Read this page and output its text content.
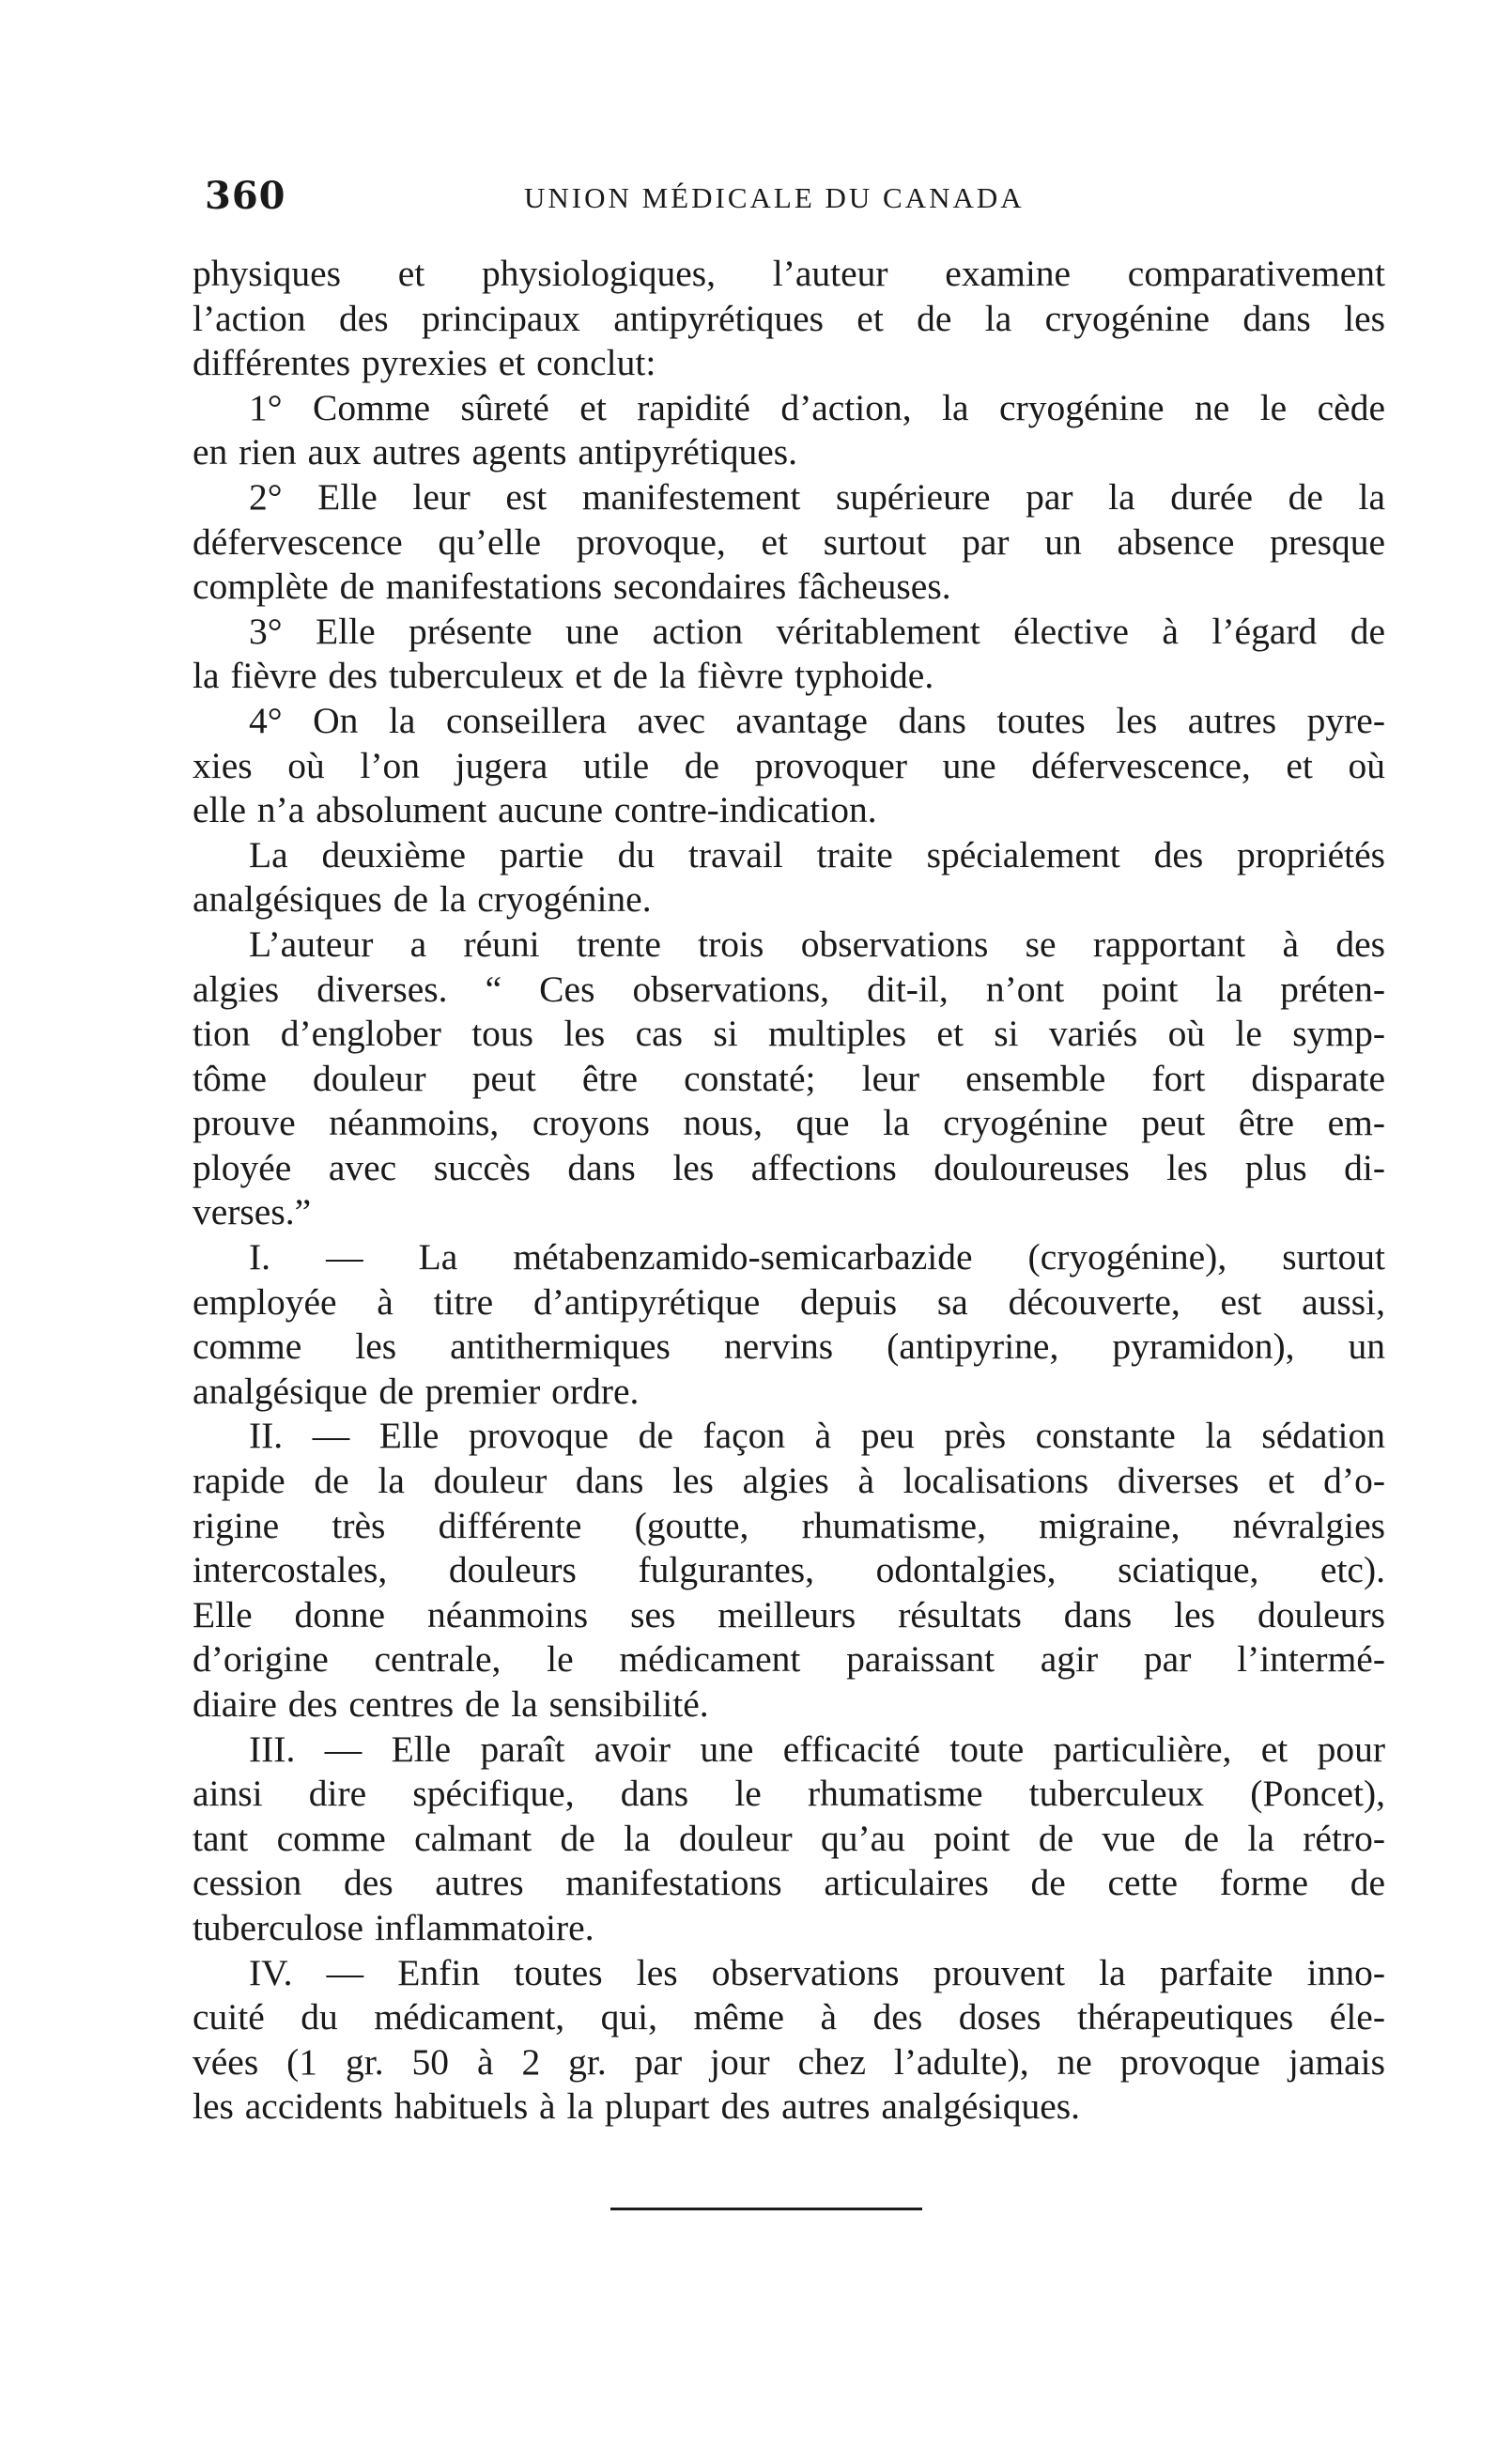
360	UNION MÉDICALE DU CANADA
physiques et physiologiques, l’auteur examine comparativement
l’action des principaux antipyrétiques et de la cryogénine dans les
différentes pyrexies et conclut:
1° Comme sûreté et rapidité d’action, la cryogénine ne le cède
en rien aux autres agents antipyrétiques.
2° Elle leur est manifestement supérieure par la durée de la
défervescence qu’elle provoque, et surtout par un absence presque
complète de manifestations secondaires fâcheuses.
3° Elle présente une action véritablement élective à l’égard de
la fièvre des tuberculeux et de la fièvre typhoide.
4° On la conseillera avec avantage dans toutes les autres pyre-
xies où l’on jugera utile de provoquer une défervescence, et où
elle n’a absolument aucune contre-indication.
La deuxième partie du travail traite spécialement des propriétés
analgésiques de la cryogénine.
L’auteur a réuni trente trois observations se rapportant à des
algies diverses. “ Ces observations, dit-il, n’ont point la préten-
tion d’englober tous les cas si multiples et si variés où le symp-
tôme douleur peut être constaté; leur ensemble fort disparate
prouve néanmoins, croyons nous, que la cryogénine peut être em-
ployée avec succès dans les affections douloureuses les plus di-
verses.”
I. — La métabenzamido-semicarbazide (cryogénine), surtout
employée à titre d’antipyrétique depuis sa découverte, est aussi,
comme les antithermiques nervins (antipyrine, pyramidon), un
analgésique de premier ordre.
II. — Elle provoque de façon à peu près constante la sédation
rapide de la douleur dans les algies à localisations diverses et d’o-
rigine très différente (goutte, rhumatisme, migraine, névralgies
intercostales, douleurs fulgurantes, odontalgies, sciatique, etc).
Elle donne néanmoins ses meilleurs résultats dans les douleurs
d’origine centrale, le médicament paraissant agir par l’intermé-
diaire des centres de la sensibilité.
III. — Elle paraît avoir une efficacité toute particulière, et pour
ainsi dire spécifique, dans le rhumatisme tuberculeux (Poncet),
tant comme calmant de la douleur qu’au point de vue de la rétro-
cession des autres manifestations articulaires de cette forme de
tuberculose inflammatoire.
IV. — Enfin toutes les observations prouvent la parfaite inno-
cuité du médicament, qui, même à des doses thérapeutiques éle-
vées (1 gr. 50 à 2 gr. par jour chez l’adulte), ne provoque jamais
les accidents habituels à la plupart des autres analgésiques.
